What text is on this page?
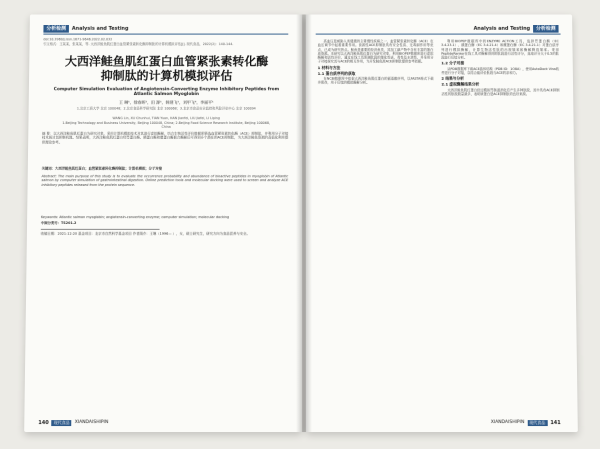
分析检测	Analysis and Testing
doi:10.3969/j.issn.1671-9646.2022.02.032
引文格式：王某某，张某某，等. 大西洋鲑鱼肌红蛋白血管紧张素转化酶抑制肽的计算机模拟评估[J]. 现代食品，2022(2)：140-144.
大西洋鲑鱼肌红蛋白血管紧张素转化酶
抑制肽的计算机模拟评估
Computer Simulation Evaluation of Angiotensin-Converting Enzyme Inhibitory Peptides from Atlantic Salmon Myoglobin
王 琳¹，徐春晖²，田 源¹，韩建飞¹，刘甲飞³，李丽平¹
1.北京工商大学 北京 100048；2.北京食品科学研究院 北京 100068；3.北京市食品安全监控和风险评估中心 北京 100094
WANG Lin, XU Chunhui, TIAN Yuan, HAN Jianfei, LIU Jiafei, LI Liping
1.Beijing Technology and Business University, Beijing 100048, China; 2.Beijing Food Science Research Institute, Beijing 100068, China
摘 要：以大西洋鲑鱼肌红蛋白为研究对象，采用计算机模拟技术对其进行虚拟酶解，结合生物活性评价数据库筛选血管紧张素转化酶（ACE）抑制肽，并利用分子对接技术探讨其抑制机理。结果表明，大西洋鲑鱼肌红蛋白经胃蛋白酶、胰蛋白酶和糜蛋白酶联合酶解后可得到多个潜在的ACE抑制肽，为大西洋鲑鱼资源的高值化利用提供理论参考。
关键词：大西洋鲑鱼肌红蛋白；血管紧张素转化酶抑制肽；计算机模拟；分子对接
Abstract: The main purpose of this study is to evaluate the occurrence probability and abundance of bioactive peptides in myoglobin of Atlantic salmon by computer simulation of gastrointestinal digestion. Online prediction tools and molecular docking were used to screen and analyze ACE inhibitory peptides released from the protein sequence.
Keywords: Atlantic salmon myoglobin; angiotensin-converting enzyme; computer simulation; molecular docking
中图分类号：TS201.2
收稿日期：2021-12-20 基金项目：北京市自然科学基金项目 作者简介：王琳（1996— ），女，硕士研究生，研究方向为食品营养与安全。
140	现代食品	XIANDAISHIPIN
Analysis and Testing	分析检测

高血压是威胁人类健康的主要慢性疾病之一，血管紧张素转化酶（ACE）在血压调节中起着重要作用。食源性ACE抑制肽具有安全性高、无毒副作用等优点，已成为研究热点。鲑鱼是重要的经济鱼类，其加工副产物中含有丰富的蛋白质资源。本研究以大西洋鲑鱼肌红蛋白为研究对象，利用BIOPEP数据库进行虚拟酶解和活性评价，通过在线工具预测肽段的理化性质、毒性及水溶性，并采用分子对接探究其与ACE的相互作用，为开发鲑鱼源ACE抑制肽提供参考依据。

1 材料与方法
1.1 蛋白质序列的获取

在NCBI数据库中检索大西洋鲑鱼肌红蛋白的氨基酸序列，以FASTA格式下载并保存，用于后续的模拟酶解分析。

利用BIOPEP数据库中的ENZYME ACTION工具，选择胃蛋白酶（EC 3.4.23.1）、胰蛋白酶（EC 3.4.21.4）和糜蛋白酶（EC 3.4.21.1）对蛋白质序列进行模拟酶解，计算生物活性肽的出现频率和酶解释放频率。采用PeptideRanker在线工具对酶解得到的肽段进行活性评分，选取评分大于0.5的肽段进行后续分析。

1.2 分子对接

从PDB数据库下载ACE晶体结构（PDB ID：1O8A），使用AutoDock Vina软件进行分子对接，以结合能评价肽段与ACE的亲和力。

2 结果与分析
2.1 虚拟酶解结果分析

大西洋鲑鱼肌红蛋白经过模拟胃肠道消化后产生多种肽段，其中具有ACE抑制活性的肽段数量最多，表明该蛋白是ACE抑制肽的良好来源。

XIANDAISHIPIN	现代食品 141
